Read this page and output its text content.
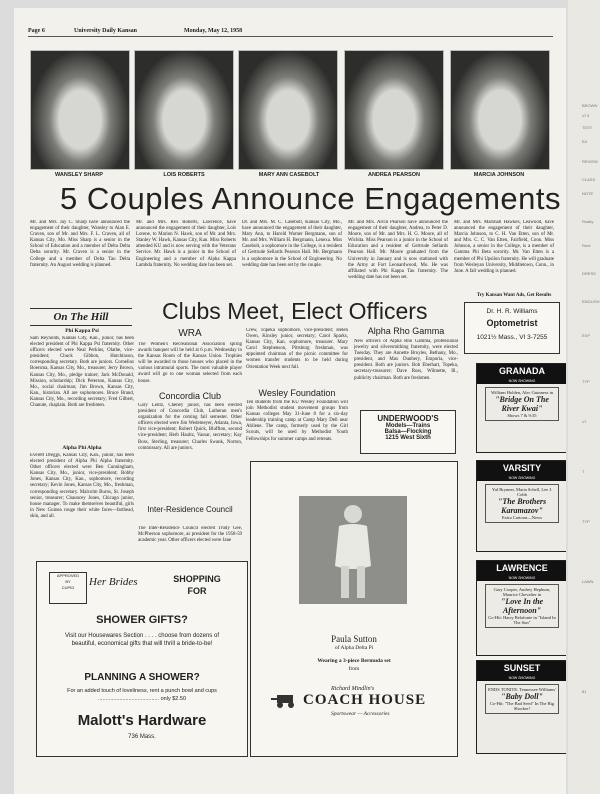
Page 6	University Daily Kansan	Monday, May 12, 1958
WANSLEY SHARP	LOIS ROBERTS	MARY ANN CASEBOLT	ANDREA PEARSON	MARCIA JOHNSON
5 Couples Announce Engagements
Mr. and Mrs. Jay C. Sharp have announced the engagement of their daughter, Wansley to Alan E. Craven, son of Mr. and Mrs. F. L. Craven, all of Kansas City, Mo. Miss Sharp is a senior in the School of Education and a member of Delta Delta Delta sorority. Mr. Craven is a senior in the College and a member of Delta Tau Delta fraternity. An August wedding is planned.
Mr. and Mrs. Rex Roberts, Lawrence, have announced the engagement of their daughter, Lois Lorene, to Marion N. Hawk, son of Mr. and Mrs. Stanley W. Hawk, Kansas City, Kan. Miss Roberts attended KU and is now serving with the Veterans Service. Mr. Hawk is a junior in the School of Engineering and a member of Alpha Kappa Lambda fraternity. No wedding date has been set.
Dr. and Mrs. M. C. Casebolt, Kansas City, Mo., have announced the engagement of their daughter, Mary Ann, to Harold Warner Bergmann, son of Mr. and Mrs. William H. Bergmann, Lenexa. Miss Casebolt, a sophomore in the College, is a resident of Gertrude Sellards Pearson Hall. Mr. Bergmann is a sophomore in the School of Engineering. No wedding date has been set by the couple.
Mr. and Mrs. Alvin Pearson have announced the engagement of their daughter, Andrea, to Peter D. Moore, son of Mr. and Mrs. H. G. Moore, all of Wichita. Miss Pearson is a junior in the School of Education and a resident of Gertrude Sellards Pearson Hall. Mr. Moore graduated from the University in January and is now stationed with the Army at Fort Leonardwood, Mo. He was affiliated with Phi Kappa Tau fraternity. The wedding date has not been set.
Mr. and Mrs. Marshall Hawkes, Leawood, have announced the engagement of their daughter, Marcia Johnson, to C. H. Van Etten, son of Mr. and Mrs. C. C. Van Etten, Fairfield, Conn. Miss Johnson, a senior in the College, is a member of Gamma Phi Beta sorority. Mr. Van Etten is a member of Phi Upsilon fraternity. He will graduate from Wesleyan University, Middletown, Conn., in June. A fall wedding is planned.
On The Hill
Phi Kappa Psi
Sam Reynolds, Kansas City, Kan., junior, has been elected president of Phi Kappa Psi fraternity. Other officers elected were Neal Perkins, Olathe, vice-president; Chuck Gibbon, Hutchinson, corresponding secretary. Both are juniors. Cornelius Boersma, Kansas City, Mo., treasurer; Jerry Brown, Kansas City, Mo., pledge trainer; Jack McDonald, Mission, scholarship; Dick Peterson, Kansas City, Mo., social chairman; Jim Brown, Kansas City, Kan., historian. All are sophomores. Bruce Brand, Kansas City, Mo., recording secretary; Fred Gilbert, Chanute, chaplain. Both are freshmen.
Alpha Phi Alpha
Everett Dreggs, Kansas City, Kan., junior, has been elected president of Alpha Phi Alpha fraternity. Other officers elected were Ben Cunningham, Kansas City, Mo., junior, vice-president; Bobby Jones, Kansas City, Kan., sophomore, recording secretary; Kevin Jones, Kansas City, Mo., freshman, corresponding secretary. Malcolm Burns, St. Joseph senior, treasurer; Chauncey Jones, Chicago junior, house manager. To make themselves beautiful, girls in New Guinea rouge their white faces—farthead, skin, and all.
Clubs Meet, Elect Officers
WRA
The Women's Recreational Association spring awards banquet will be held at 6 p.m. Wednesday in the Kansas Room of the Kansas Union. Trophies will be awarded to those houses who placed in the various intramural sports. The most valuable player award will go to one woman selected from each house.
Concordia Club
Gary Lentz, Cheney junior, has been elected president of Concordia Club, Lutheran men's organization for the coming fall semester. Other officers elected were Jim Wedemeyer, Atlanta, Iowa, first vice-president; Robert Quick, Bluffton, second vice-president; Herb Haultz, Vassar, secretary; Kay Boss, Sterling, treasurer; Charles Swank, Norton, commissary. All are juniors.
Inter-Residence Council
The Inter-Residence Council elected Trudy Gee, McPherson sophomore, as president for the 1958-59 academic year. Other officers elected were Jane
Crew, Topeka sophomore, vice-president; Helen Owen, Kinsley junior, secretary; Carol Sparks, Kansas City, Kan. sophomore, treasurer. Mary Carol Stephenson, Pittsburg freshman, was appointed chairman of the picnic committee for women transfer students to be held during Orientation Week next fall.
Wesley Foundation
Ten students from the KU Wesley Foundation will join Methodist student movement groups from Kansas colleges May 31-June 8 for a six-day leadership training camp at Camp Mary Dell near Abilene. The camp, formerly used by the Girl Scouts, will be used by Methodist Youth Fellowships for summer camps and retreats.
Alpha Rho Gamma
New officers of Alpha Rho Gamma, professional jewelry and silversmithing fraternity, were elected Tuesday. They are Annette Broyles, Bethany, Mo., president, and Max Dunbery, Emporia, vice-president. Both are juniors. Bob Eberhart, Topeka, secretary-treasurer; Dave Ross, Wilmette, Ill., publicity chairman. Both are freshmen.
UNDERWOOD'S
Models—Trains
Balsa—Flocking
1215 West Sixth
Try Kansan Want Ads, Get Results
Dr. H. R. Williams
Optometrist
1021½ Mass., VI 3-7255
Paula Sutton
of Alpha Delta Pi
Wearing a 3-piece Bermuda set
from
Richard Mindlin's
COACH HOUSE
Sportswear — Accessories
APPROVED
BY
CUPID	Her Brides	SHOPPING
FOR
SHOWER GIFTS?
Visit our Housewares Section . . . . choose from dozens of beautiful, economical gifts that will thrill a bride-to-be!
PLANNING A SHOWER?
For an added touch of loveliness, rent a punch bowl and cups ........................................ only $2.50
Malott's Hardware
736 Mass.
GRANADA
NOW SHOWING
William Holden, Alec Guinness in
"Bridge On The River Kwai"
Shows 7 & 9:35
VARSITY
NOW SHOWING
Yul Brynner, Maria Schell, Lee J. Cobb
"The Brothers Karamazov"
Extra Cartoon—News
LAWRENCE
NOW SHOWING
Gary Cooper, Audrey Hepburn, Maurice Chevalier in
"Love In the Afternoon"
Co-Hit: Harry Belafonte in "Island In The Sun"
SUNSET
NOW SHOWING
ENDS TONITE: Tennessee Williams'
"Baby Doll"
Co-Hit: "The Bad Seed" In The Big Shocker!
BROWN
VI 3
TEXT
Ed
REVIEW
CLASS
NOTE
Realty
Rent
DRESS
ENGLISH
EXP
TYP
VI
T
TYP
LAWN
81
